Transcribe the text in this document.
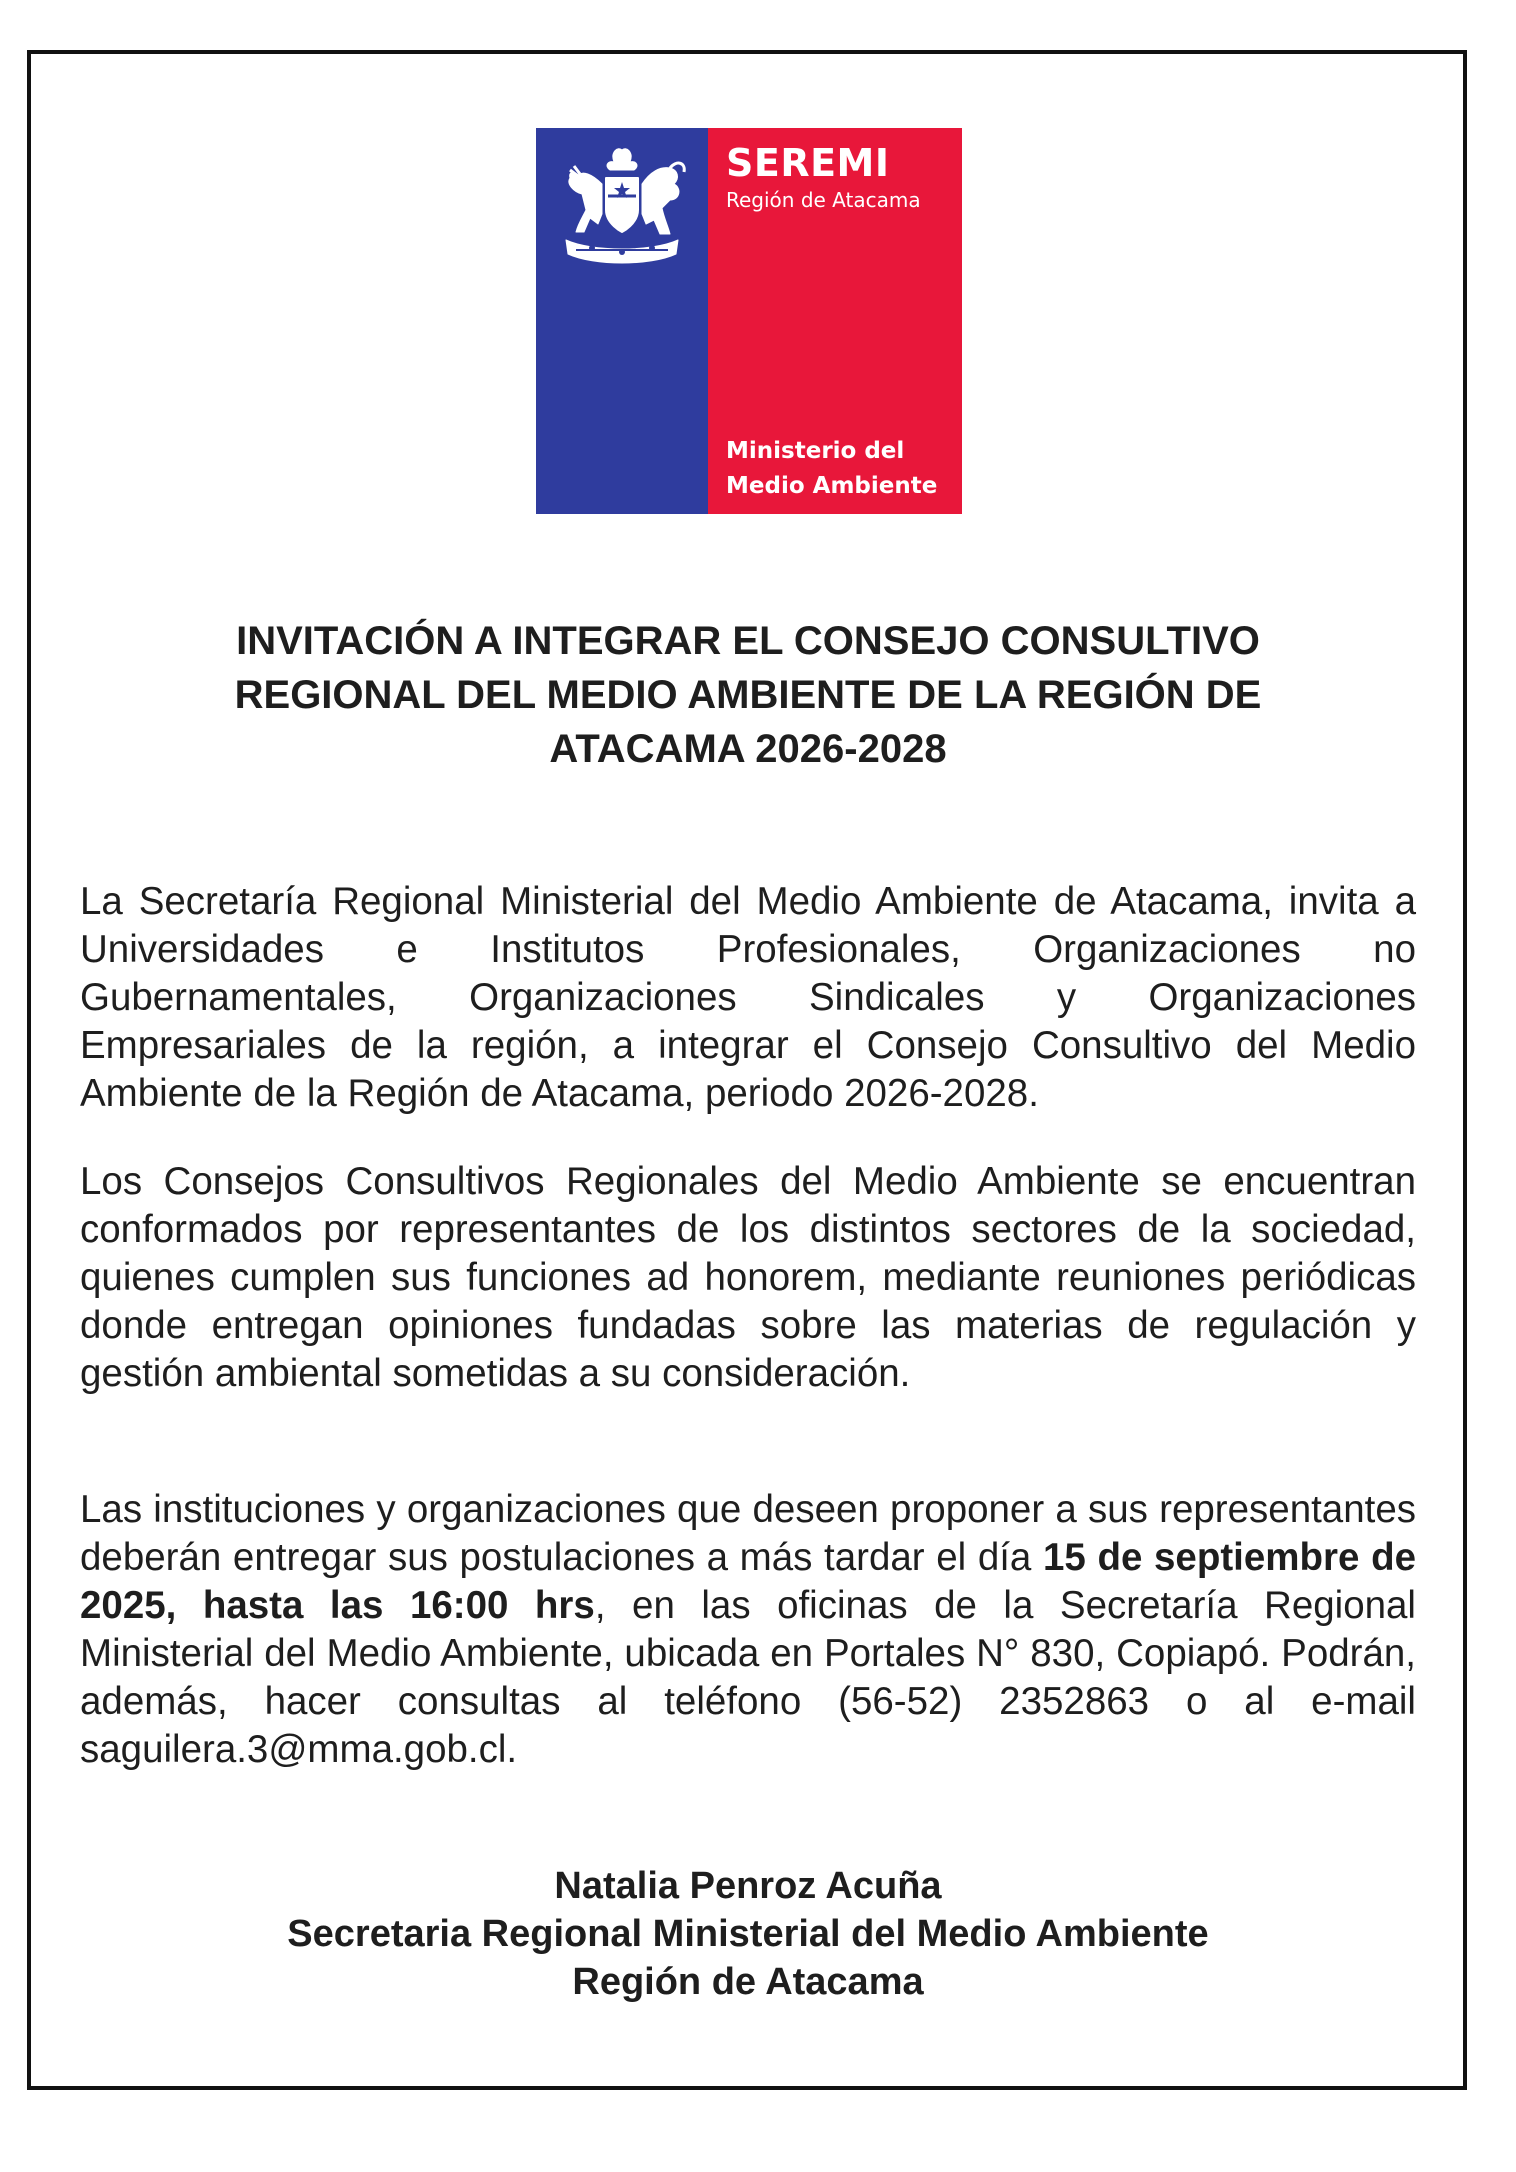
SEREMI
Región de Atacama
Ministerio del
Medio Ambiente
INVITACIÓN A INTEGRAR EL CONSEJO CONSULTIVO
REGIONAL DEL MEDIO AMBIENTE DE LA REGIÓN DE
ATACAMA 2026-2028

La Secretaría Regional Ministerial del Medio Ambiente de Atacama, invita a Universidades e Institutos Profesionales, Organizaciones no Gubernamentales, Organizaciones Sindicales y Organizaciones Empresariales de la región, a integrar el Consejo Consultivo del Medio Ambiente de la Región de Atacama, periodo 2026-2028.

Los Consejos Consultivos Regionales del Medio Ambiente se encuentran conformados por representantes de los distintos sectores de la sociedad, quienes cumplen sus funciones ad honorem, mediante reuniones periódicas donde entregan opiniones fundadas sobre las materias de regulación y gestión ambiental sometidas a su consideración.

Las instituciones y organizaciones que deseen proponer a sus representantes deberán entregar sus postulaciones a más tardar el día 15 de septiembre de 2025, hasta las 16:00 hrs, en las oficinas de la Secretaría Regional Ministerial del Medio Ambiente, ubicada en Portales N° 830, Copiapó. Podrán, además, hacer consultas al teléfono (56-52) 2352863 o al e-mail saguilera.3@mma.gob.cl.

Natalia Penroz Acuña
Secretaria Regional Ministerial del Medio Ambiente
Región de Atacama
